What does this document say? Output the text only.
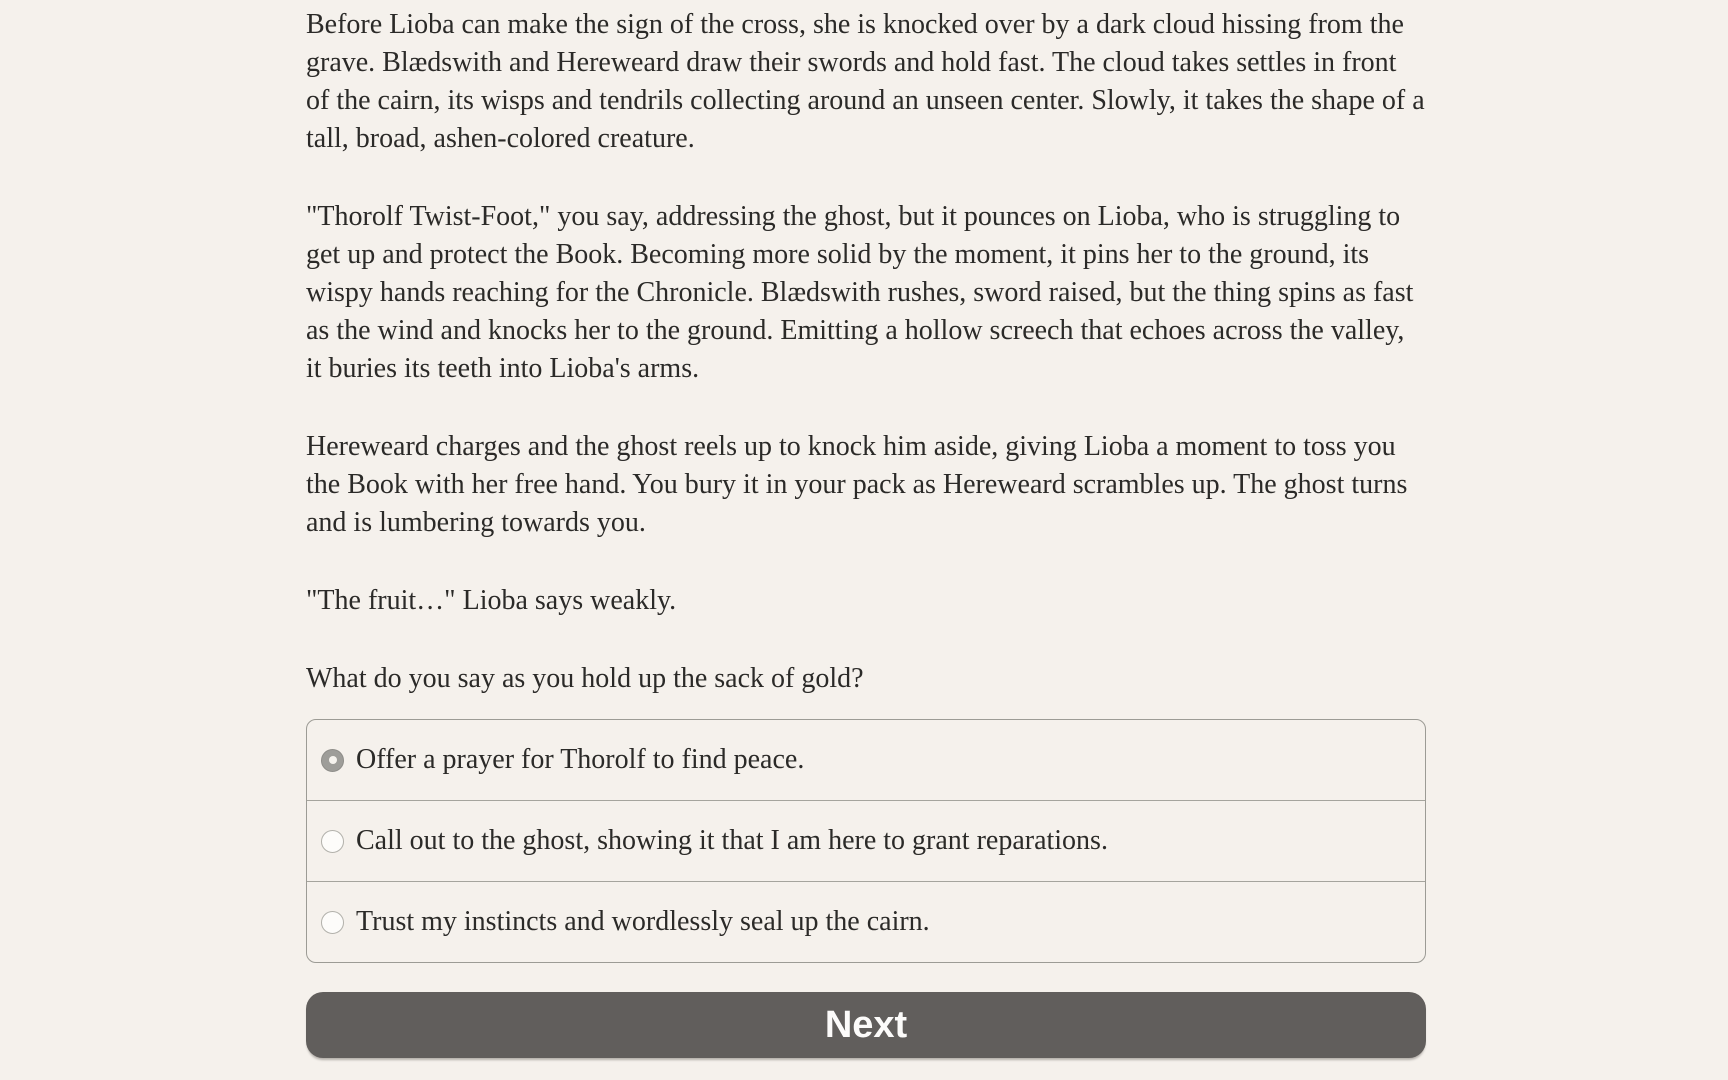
Before Lioba can make the sign of the cross, she is knocked over by a dark cloud hissing from the grave. Blædswith and Hereweard draw their swords and hold fast. The cloud takes settles in front of the cairn, its wisps and tendrils collecting around an unseen center. Slowly, it takes the shape of a tall, broad, ashen-colored creature.

"Thorolf Twist-Foot," you say, addressing the ghost, but it pounces on Lioba, who is struggling to get up and protect the Book. Becoming more solid by the moment, it pins her to the ground, its wispy hands reaching for the Chronicle. Blædswith rushes, sword raised, but the thing spins as fast as the wind and knocks her to the ground. Emitting a hollow screech that echoes across the valley, it buries its teeth into Lioba's arms.

Hereweard charges and the ghost reels up to knock him aside, giving Lioba a moment to toss you the Book with her free hand. You bury it in your pack as Hereweard scrambles up. The ghost turns and is lumbering towards you.

"The fruit…" Lioba says weakly.

What do you say as you hold up the sack of gold?

Offer a prayer for Thorolf to find peace.
Call out to the ghost, showing it that I am here to grant reparations.
Trust my instincts and wordlessly seal up the cairn.
Next
